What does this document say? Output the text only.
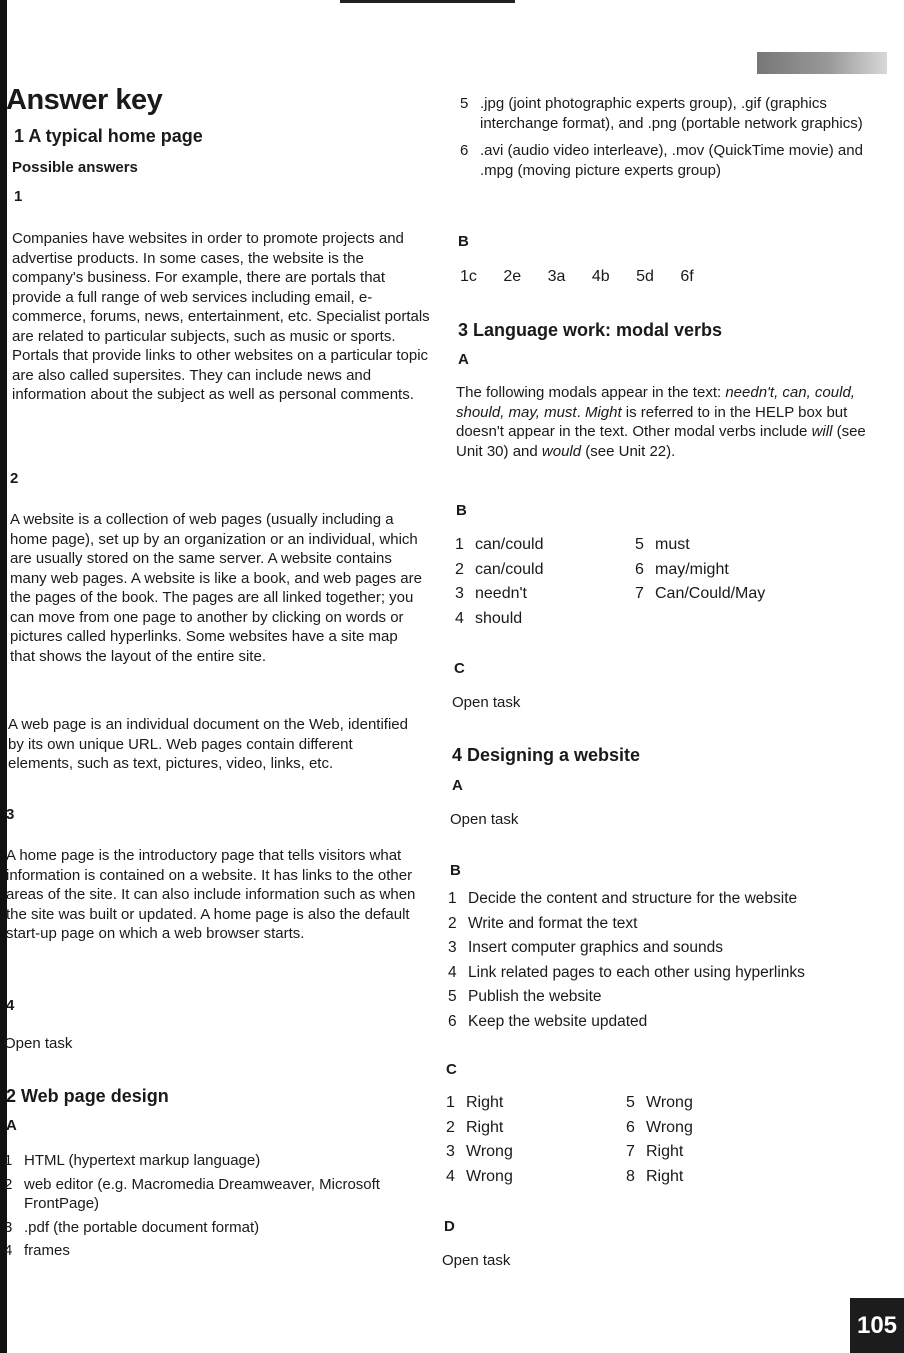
Answer key
1 A typical home page
Possible answers
1
Companies have websites in order to promote projects and advertise products. In some cases, the website is the company's business. For example, there are portals that provide a full range of web services including email, e-commerce, forums, news, entertainment, etc. Specialist portals are related to particular subjects, such as music or sports. Portals that provide links to other websites on a particular topic are also called supersites. They can include news and information about the subject as well as personal comments.
2
A website is a collection of web pages (usually including a home page), set up by an organization or an individual, which are usually stored on the same server. A website contains many web pages. A website is like a book, and web pages are the pages of the book. The pages are all linked together; you can move from one page to another by clicking on words or pictures called hyperlinks. Some websites have a site map that shows the layout of the entire site.
A web page is an individual document on the Web, identified by its own unique URL. Web pages contain different elements, such as text, pictures, video, links, etc.
3
A home page is the introductory page that tells visitors what information is contained on a website. It has links to the other areas of the site. It can also include information such as when the site was built or updated. A home page is also the default start-up page on which a web browser starts.
4
Open task
2 Web page design
A
1 HTML (hypertext markup language)
2 web editor (e.g. Macromedia Dreamweaver, Microsoft FrontPage)
3 .pdf (the portable document format)
4 frames
5 .jpg (joint photographic experts group), .gif (graphics interchange format), and .png (portable network graphics)
6 .avi (audio video interleave), .mov (QuickTime movie) and .mpg (moving picture experts group)
B
1c 2e 3a 4b 5d 6f
3 Language work: modal verbs
A
The following modals appear in the text: needn't, can, could, should, may, must. Might is referred to in the HELP box but doesn't appear in the text. Other modal verbs include will (see Unit 30) and would (see Unit 22).
B
1 can/could
2 can/could
3 needn't
4 should
5 must
6 may/might
7 Can/Could/May
C
Open task
4 Designing a website
A
Open task
B
1 Decide the content and structure for the website
2 Write and format the text
3 Insert computer graphics and sounds
4 Link related pages to each other using hyperlinks
5 Publish the website
6 Keep the website updated
C
1 Right
2 Right
3 Wrong
4 Wrong
5 Wrong
6 Wrong
7 Right
8 Right
D
Open task
105
